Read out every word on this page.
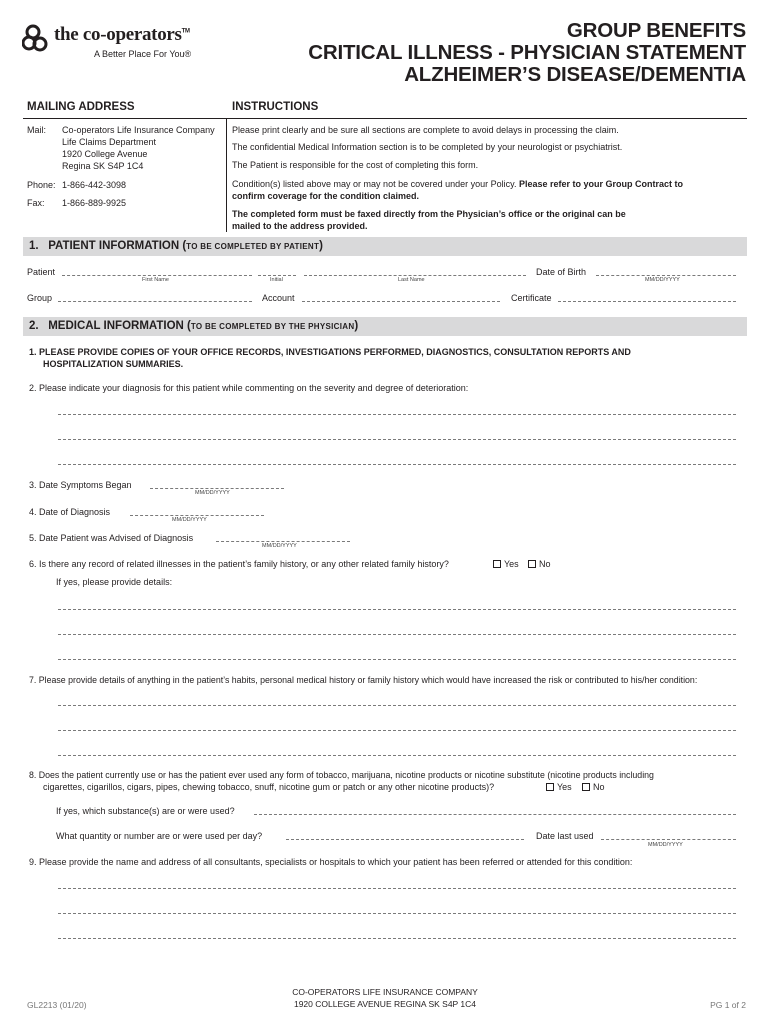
the co-operators™
A Better Place For You®
GROUP BENEFITS
CRITICAL ILLNESS - PHYSICIAN STATEMENT
ALZHEIMER’S DISEASE/DEMENTIA
MAILING ADDRESS	INSTRUCTIONS
Mail: Co-operators Life Insurance Company
Life Claims Department
1920 College Avenue
Regina SK S4P 1C4
Phone: 1-866-442-3098
Fax: 1-866-889-9925
Please print clearly and be sure all sections are complete to avoid delays in processing the claim.
The confidential Medical Information section is to be completed by your neurologist or psychiatrist.
The Patient is responsible for the cost of completing this form.
Condition(s) listed above may or may not be covered under your Policy. Please refer to your Group Contract to
confirm coverage for the condition claimed.
The completed form must be faxed directly from the Physician’s office or the original can be
mailed to the address provided.
1. PATIENT INFORMATION (TO BE COMPLETED BY PATIENT)
Patient
First Name	Initial	Last Name
Date of Birth
MM/DD/YYYY
Group	Account	Certificate
2. MEDICAL INFORMATION (TO BE COMPLETED BY THE PHYSICIAN)
1. PLEASE PROVIDE COPIES OF YOUR OFFICE RECORDS, INVESTIGATIONS PERFORMED, DIAGNOSTICS, CONSULTATION REPORTS AND
HOSPITALIZATION SUMMARIES.
2. Please indicate your diagnosis for this patient while commenting on the severity and degree of deterioration:
3. Date Symptoms Began
MM/DD/YYYY
4. Date of Diagnosis
MM/DD/YYYY
5. Date Patient was Advised of Diagnosis
MM/DD/YYYY
6. Is there any record of related illnesses in the patient’s family history, or any other related family history?	Yes	No
If yes, please provide details:
7. Please provide details of anything in the patient’s habits, personal medical history or family history which would have increased the risk or contributed to his/her condition:
8. Does the patient currently use or has the patient ever used any form of tobacco, marijuana, nicotine products or nicotine substitute (nicotine products including
cigarettes, cigarillos, cigars, pipes, chewing tobacco, snuff, nicotine gum or patch or any other nicotine products)?	Yes	No
If yes, which substance(s) are or were used?
What quantity or number are or were used per day?	Date last used
MM/DD/YYYY
9. Please provide the name and address of all consultants, specialists or hospitals to which your patient has been referred or attended for this condition:
GL2213 (01/20)
CO-OPERATORS LIFE INSURANCE COMPANY
1920 COLLEGE AVENUE REGINA SK S4P 1C4	PG 1 of 2
